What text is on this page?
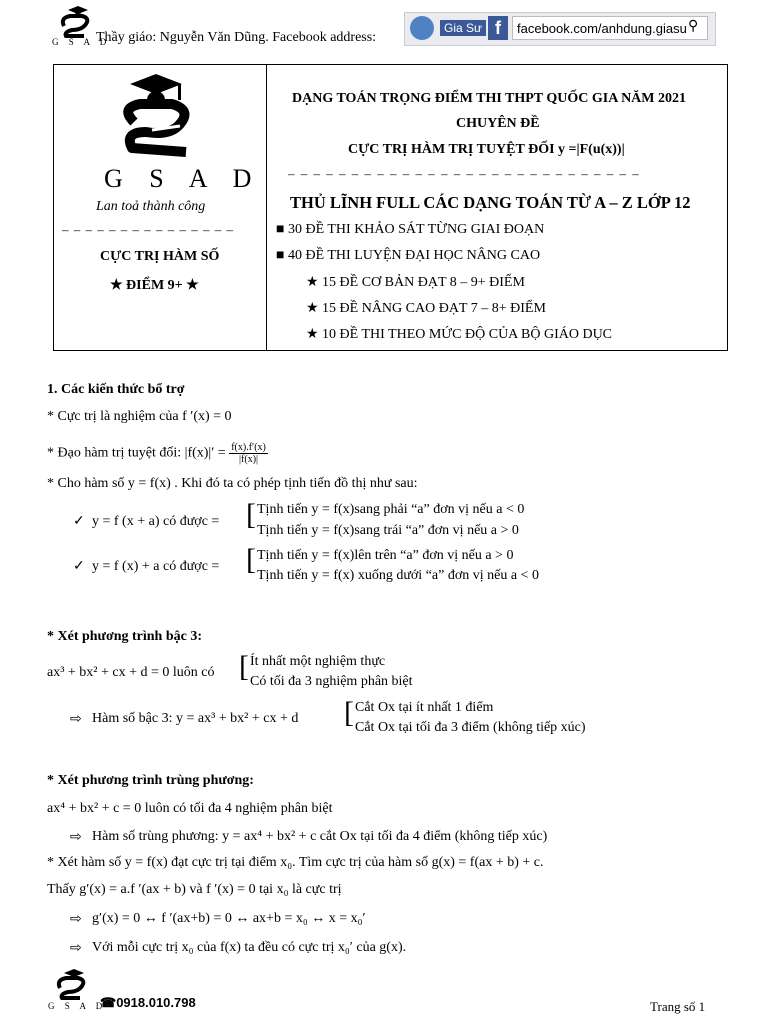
G S A D
Thầy giáo: Nguyễn Văn Dũng. Facebook address:
Gia Sư f	facebook.com/anhdung.giasu ⚲
G S A D
Lan toả thành công
– – – – – – – – – – – – – – –
CỰC TRỊ HÀM SỐ
★ ĐIỂM 9+ ★
DẠNG TOÁN TRỌNG ĐIỂM THI THPT QUỐC GIA NĂM 2021
CHUYÊN ĐỀ
CỰC TRỊ HÀM TRỊ TUYỆT ĐỐI y =|F(u(x))|
– – – – – – – – – – – – – – – – – – – – – – – – – – – –
THỦ LĨNH FULL CÁC DẠNG TOÁN TỪ A – Z LỚP 12
■ 30 ĐỀ THI KHẢO SÁT TỪNG GIAI ĐOẠN
■ 40 ĐỀ THI LUYỆN ĐẠI HỌC NÂNG CAO
★ 15 ĐỀ CƠ BẢN ĐẠT 8 – 9+ ĐIỂM
★ 15 ĐỀ NÂNG CAO ĐẠT 7 – 8+ ĐIỂM
★ 10 ĐỀ THI THEO MỨC ĐỘ CỦA BỘ GIÁO DỤC
1. Các kiến thức bổ trợ
* Cực trị là nghiệm của f ′(x) = 0
* Đạo hàm trị tuyệt đối: $|f(x)|' = \frac{f(x).f'(x)}{|f(x)|}$
* Cho hàm số y = f(x) . Khi đó ta có phép tịnh tiến đồ thị như sau:
✓ y = f (x + a) có được = [ Tịnh tiến y = f(x)sang phải “a” đơn vị nếu a < 0
Tịnh tiến y = f(x)sang trái “a” đơn vị nếu a > 0
✓ y = f (x) + a có được = [ Tịnh tiến y = f(x)lên trên “a” đơn vị nếu a > 0
Tịnh tiến y = f(x) xuống dưới “a” đơn vị nếu a < 0
* Xét phương trình bậc 3:
ax³ + bx² + cx + d = 0 luôn có [ Ít nhất một nghiệm thực
Có tối đa 3 nghiệm phân biệt
⇨ Hàm số bậc 3: y = ax³ + bx² + cx + d [ Cắt Ox tại ít nhất 1 điểm
Cắt Ox tại tối đa 3 điểm (không tiếp xúc)
* Xét phương trình trùng phương:
ax⁴ + bx² + c = 0 luôn có tối đa 4 nghiệm phân biệt
⇨ Hàm số trùng phương: y = ax⁴ + bx² + c cắt Ox tại tối đa 4 điểm (không tiếp xúc)
* Xét hàm số y = f(x) đạt cực trị tại điểm x₀. Tìm cực trị của hàm số g(x) = f(ax + b) + c.
Thấy g′(x) = a.f ′(ax + b) và f ′(x) = 0 tại x₀ là cực trị
⇨ g′(x) = 0 ↔ f ′(ax+b) = 0 ↔ ax+b = x₀ ↔ x = x₀′
⇨ Với mỗi cực trị x₀ của f(x) ta đều có cực trị x₀′ của g(x).
G S A D
☎0918.010.798	Trang số 1
